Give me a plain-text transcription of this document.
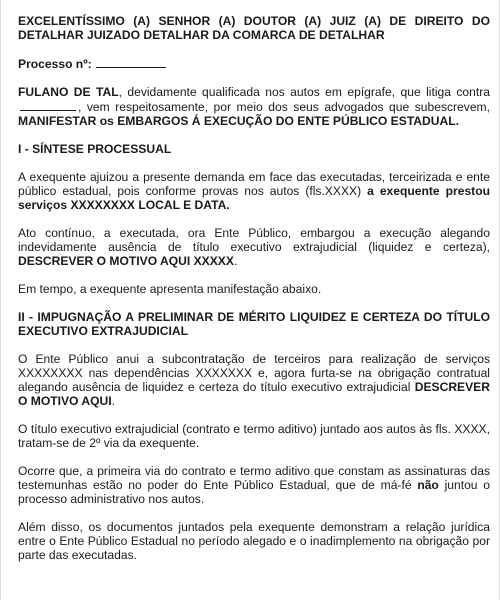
EXCELENTÍSSIMO (A) SENHOR (A) DOUTOR (A) JUIZ (A) DE DIREITO DO DETALHAR JUIZADO DETALHAR DA COMARCA DE DETALHAR

Processo nº:

FULANO DE TAL, devidamente qualificada nos autos em epígrafe, que litiga contra , vem respeitosamente, por meio dos seus advogados que subescrevem, MANIFESTAR os EMBARGOS Á EXECUÇÃO DO ENTE PÚBLICO ESTADUAL.

I - SÍNTESE PROCESSUAL

A exequente ajuizou a presente demanda em face das executadas, terceirizada e ente público estadual, pois conforme provas nos autos (fls.XXXX) a exequente prestou serviços XXXXXXXX LOCAL E DATA.

Ato contínuo, a executada, ora Ente Público, embargou a execução alegando indevidamente ausência de título executivo extrajudicial (liquidez e certeza), DESCREVER O MOTIVO AQUI XXXXX.

Em tempo, a exequente apresenta manifestação abaixo.

II - IMPUGNAÇÃO A PRELIMINAR DE MÉRITO LIQUIDEZ E CERTEZA DO TÍTULO EXECUTIVO EXTRAJUDICIAL

O Ente Público anui a subcontratação de terceiros para realização de serviços XXXXXXXX nas dependências XXXXXXX e, agora furta-se na obrigação contratual alegando ausência de liquidez e certeza do título executivo extrajudicial DESCREVER O MOTIVO AQUI.

O título executivo extrajudicial (contrato e termo aditivo) juntado aos autos às fls. XXXX, tratam-se de 2º via da exequente.

Ocorre que, a primeira via do contrato e termo aditivo que constam as assinaturas das testemunhas estão no poder do Ente Público Estadual, que de má-fé não juntou o processo administrativo nos autos.

Além disso, os documentos juntados pela exequente demonstram a relação jurídica entre o Ente Público Estadual no período alegado e o inadimplemento na obrigação por parte das executadas.
